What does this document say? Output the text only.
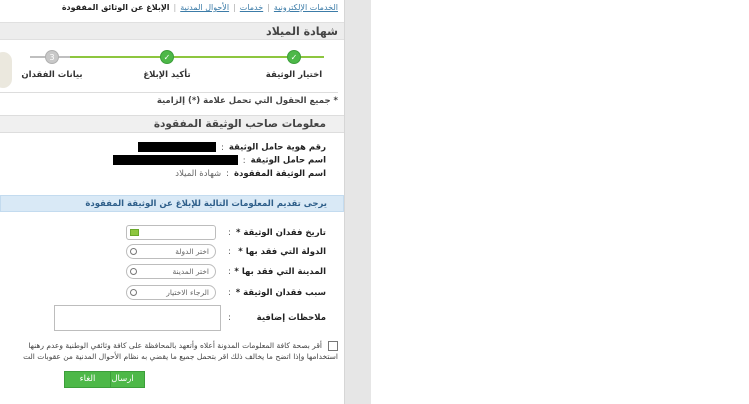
الخدمات الإلكترونية|خدمات|الأحوال المدنية|الإبلاغ عن الوثائق المفقودة
شهادة الميلاد
✓
اختيار الوثيقة
✓
تأكيد الإبلاغ
3
بيانات الفقدان
* جميع الحقول التي تحمل علامة (*) إلزامية
معلومات صاحب الوثيقة المفقودة
رقم هوية حامل الوثيقة:
اسم حامل الوثيقة:
اسم الوثيقة المفقودة:شهادة الميلاد
يرجى تقديم المعلومات التالية للإبلاغ عن الوثيقة المفقودة
تاريخ فقدان الوثيقة *
:
الدولة التي فقد بها *
:
اختر الدولة
المدينة التي فقد بها *
:
اختر المدينة
سبب فقدان الوثيقة *
:
الرجاء الاختيار
ملاحظات إضافية
:
أقر بصحة كافة المعلومات المدونة أعلاه وأتعهد بالمحافظة على كافة وثائقي الوطنية وعدم رهنها
استخدامها وإذا اتضح ما يخالف ذلك اقر بتحمل جميع ما يقضي به نظام الأحوال المدنية من عقوبات الت
ارسال
الغاء
